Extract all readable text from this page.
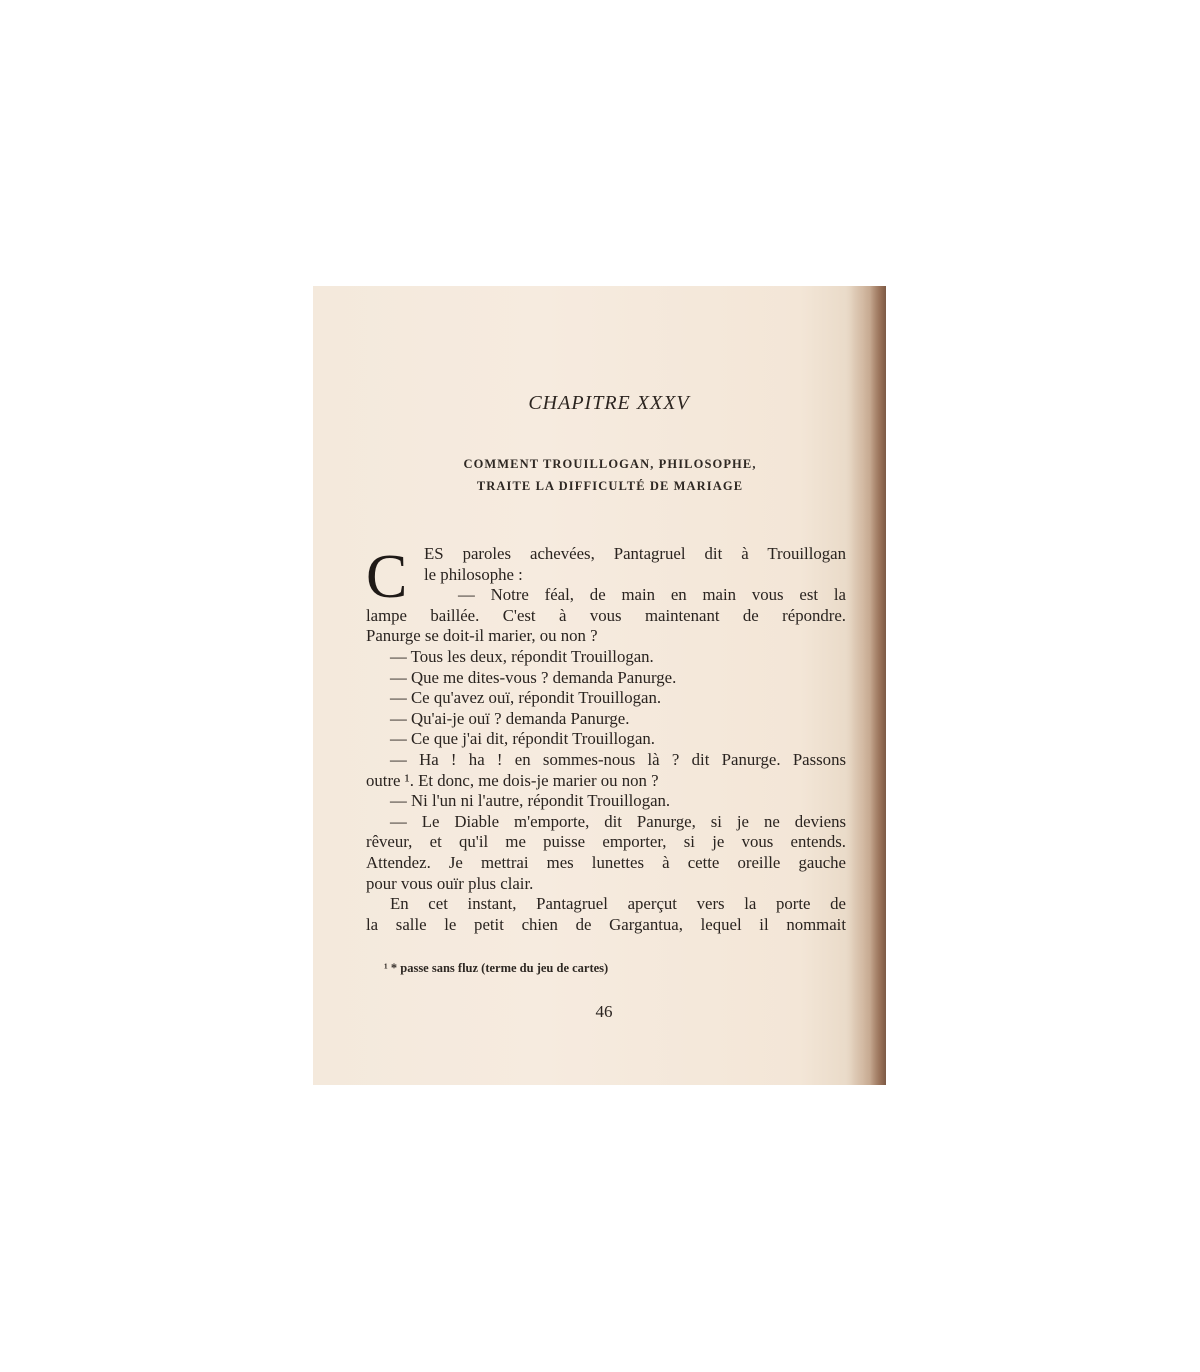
CHAPITRE XXXV
COMMENT TROUILLOGAN, PHILOSOPHE,
TRAITE LA DIFFICULTÉ DE MARIAGE
C ES paroles achevées, Pantagruel dit à Trouillogan
le philosophe :
— Notre féal, de main en main vous est la
lampe baillée. C'est à vous maintenant de répondre.
Panurge se doit-il marier, ou non ?
— Tous les deux, répondit Trouillogan.
— Que me dites-vous ? demanda Panurge.
— Ce qu'avez ouï, répondit Trouillogan.
— Qu'ai-je ouï ? demanda Panurge.
— Ce que j'ai dit, répondit Trouillogan.
— Ha ! ha ! en sommes-nous là ? dit Panurge. Passons
outre ¹. Et donc, me dois-je marier ou non ?
— Ni l'un ni l'autre, répondit Trouillogan.
— Le Diable m'emporte, dit Panurge, si je ne deviens
rêveur, et qu'il me puisse emporter, si je vous entends.
Attendez. Je mettrai mes lunettes à cette oreille gauche
pour vous ouïr plus clair.
En cet instant, Pantagruel aperçut vers la porte de
la salle le petit chien de Gargantua, lequel il nommait
¹ * passe sans fluz (terme du jeu de cartes)
46
